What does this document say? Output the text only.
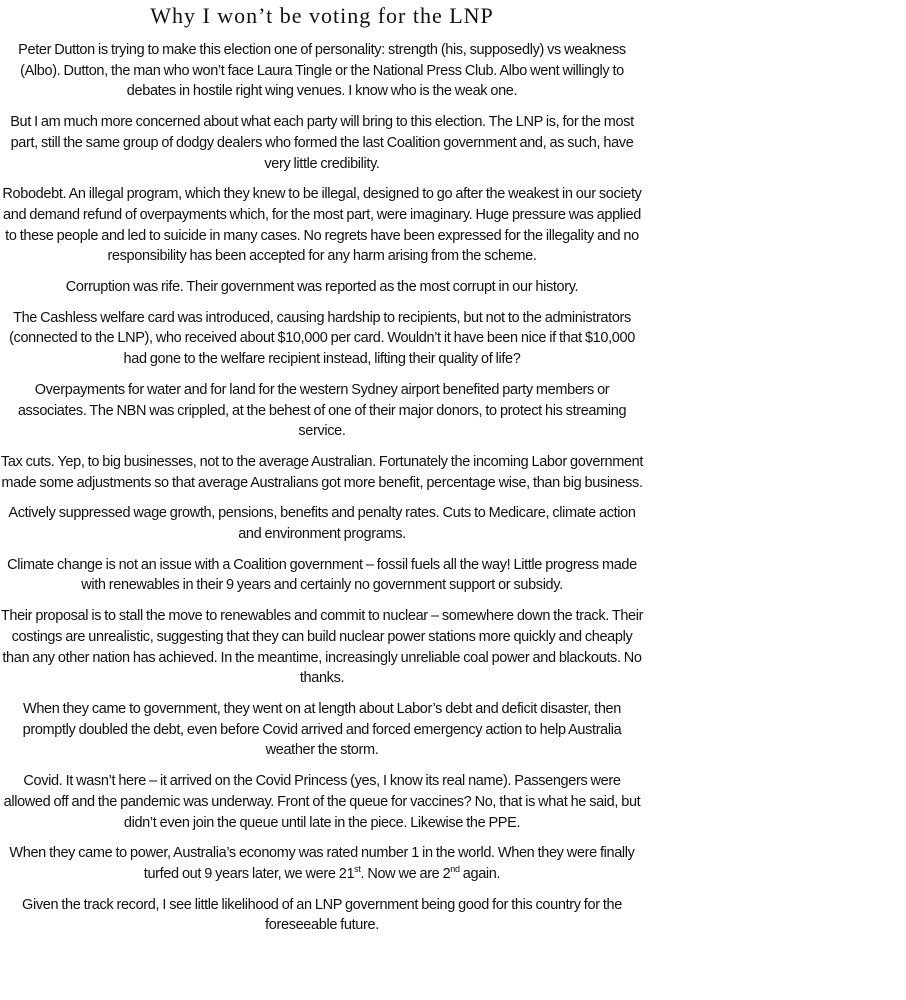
Why I won’t be voting for the LNP

Peter Dutton is trying to make this election one of personality: strength (his, supposedly) vs weakness (Albo). Dutton, the man who won’t face Laura Tingle or the National Press Club. Albo went willingly to debates in hostile right wing venues. I know who is the weak one.

But I am much more concerned about what each party will bring to this election. The LNP is, for the most part, still the same group of dodgy dealers who formed the last Coalition government and, as such, have very little credibility.

Robodebt. An illegal program, which they knew to be illegal, designed to go after the weakest in our society and demand refund of overpayments which, for the most part, were imaginary. Huge pressure was applied to these people and led to suicide in many cases. No regrets have been expressed for the illegality and no responsibility has been accepted for any harm arising from the scheme.

Corruption was rife. Their government was reported as the most corrupt in our history.

The Cashless welfare card was introduced, causing hardship to recipients, but not to the administrators (connected to the LNP), who received about $10,000 per card. Wouldn’t it have been nice if that $10,000 had gone to the welfare recipient instead, lifting their quality of life?

Overpayments for water and for land for the western Sydney airport benefited party members or associates. The NBN was crippled, at the behest of one of their major donors, to protect his streaming service.

Tax cuts. Yep, to big businesses, not to the average Australian. Fortunately the incoming Labor government made some adjustments so that average Australians got more benefit, percentage wise, than big business.

Actively suppressed wage growth, pensions, benefits and penalty rates. Cuts to Medicare, climate action and environment programs.

Climate change is not an issue with a Coalition government – fossil fuels all the way! Little progress made with renewables in their 9 years and certainly no government support or subsidy.

Their proposal is to stall the move to renewables and commit to nuclear – somewhere down the track. Their costings are unrealistic, suggesting that they can build nuclear power stations more quickly and cheaply than any other nation has achieved. In the meantime, increasingly unreliable coal power and blackouts. No thanks.

When they came to government, they went on at length about Labor’s debt and deficit disaster, then promptly doubled the debt, even before Covid arrived and forced emergency action to help Australia weather the storm.

Covid. It wasn’t here – it arrived on the Covid Princess (yes, I know its real name). Passengers were allowed off and the pandemic was underway. Front of the queue for vaccines? No, that is what he said, but didn’t even join the queue until late in the piece. Likewise the PPE.

When they came to power, Australia’s economy was rated number 1 in the world. When they were finally turfed out 9 years later, we were 21st. Now we are 2nd again.

Given the track record, I see little likelihood of an LNP government being good for this country for the foreseeable future.
